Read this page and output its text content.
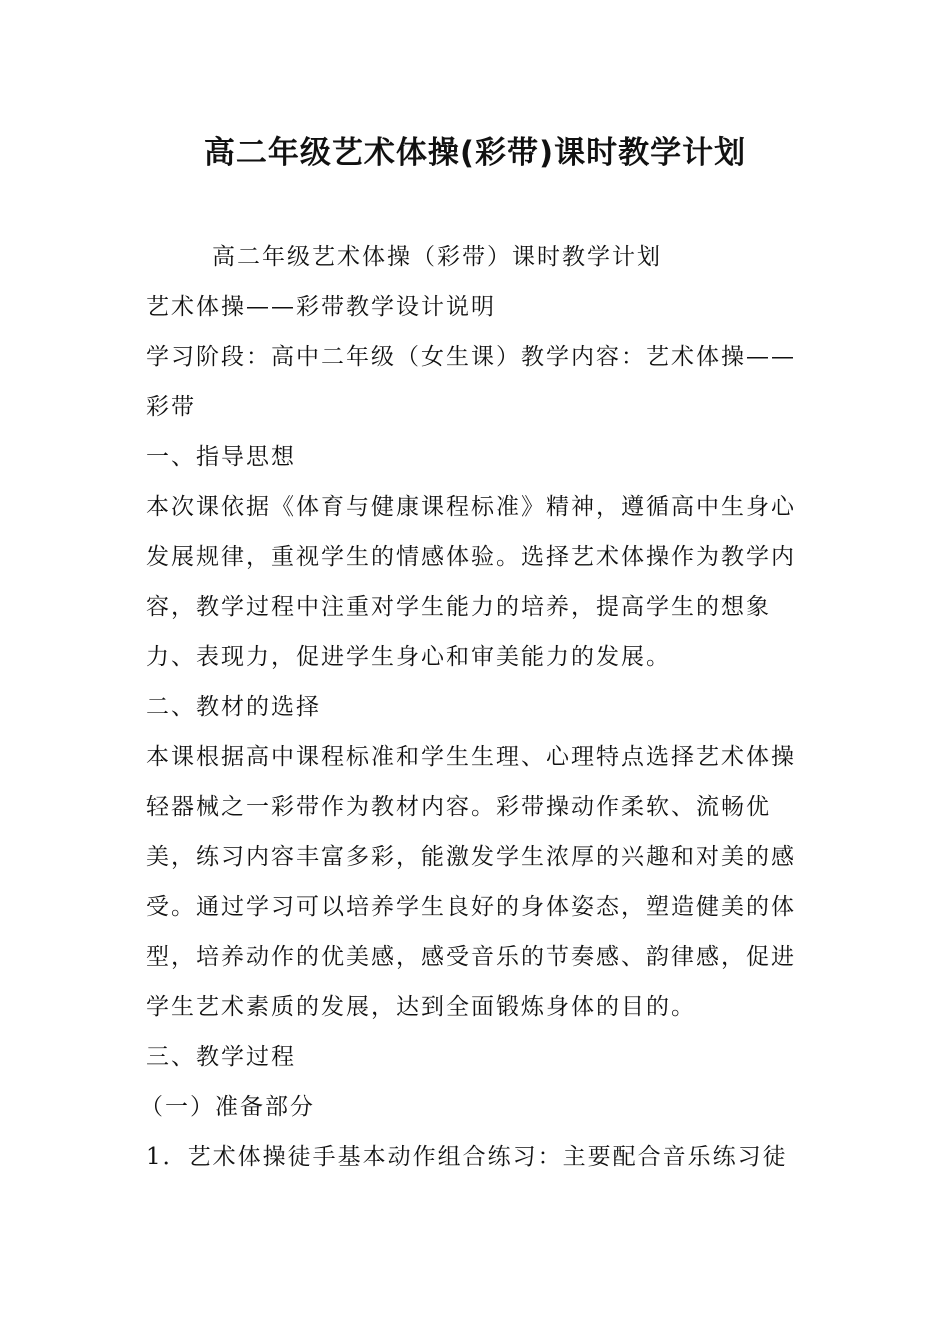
高二年级艺术体操(彩带)课时教学计划

高二年级艺术体操（彩带）课时教学计划

艺术体操——彩带教学设计说明

学习阶段：高中二年级（女生课）教学内容：艺术体操——彩带

一、指导思想

本次课依据《体育与健康课程标准》精神，遵循高中生身心发展规律，重视学生的情感体验。选择艺术体操作为教学内容，教学过程中注重对学生能力的培养，提高学生的想象力、表现力，促进学生身心和审美能力的发展。

二、教材的选择

本课根据高中课程标准和学生生理、心理特点选择艺术体操轻器械之一彩带作为教材内容。彩带操动作柔软、流畅优美，练习内容丰富多彩，能激发学生浓厚的兴趣和对美的感受。通过学习可以培养学生良好的身体姿态，塑造健美的体型，培养动作的优美感，感受音乐的节奏感、韵律感，促进学生艺术素质的发展，达到全面锻炼身体的目的。

三、教学过程

（一）准备部分

1．艺术体操徒手基本动作组合练习：主要配合音乐练习徒
